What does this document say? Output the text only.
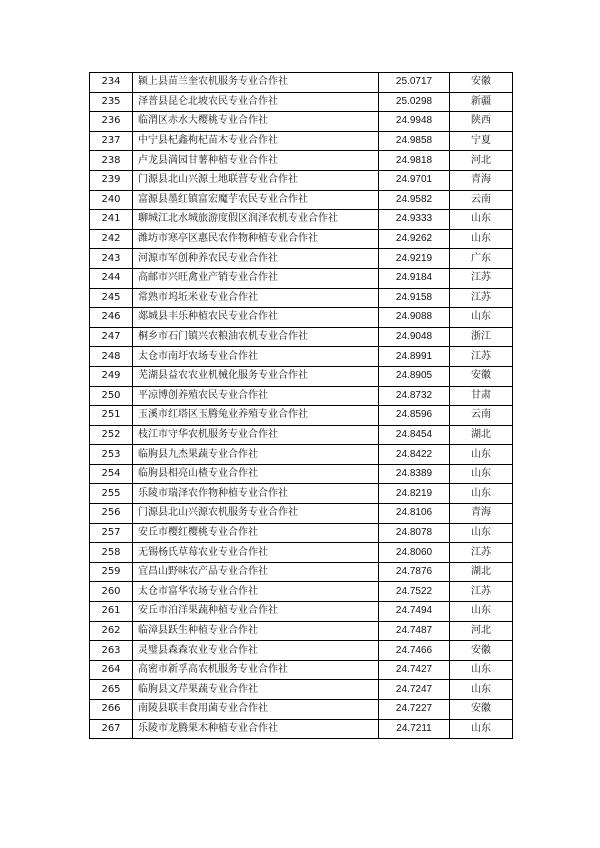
234	颍上县苗兰奎农机服务专业合作社	25.0717	安徽
235	泽普县昆仑北坡农民专业合作社	25.0298	新疆
236	临渭区赤水大樱桃专业合作社	24.9948	陕西
237	中宁县杞鑫枸杞苗木专业合作社	24.9858	宁夏
238	卢龙县満园甘薯种植专业合作社	24.9818	河北
239	门源县北山兴源土地联营专业合作社	24.9701	青海
240	富源县墨红镇富宏魔芋农民专业合作社	24.9582	云南
241	聊城江北水城旅游度假区润泽农机专业合作社	24.9333	山东
242	潍坊市寒亭区惠民农作物种植专业合作社	24.9262	山东
243	河源市军创种养农民专业合作社	24.9219	广东
244	高邮市兴旺禽业产销专业合作社	24.9184	江苏
245	常熟市坞坵米业专业合作社	24.9158	江苏
246	郯城县丰乐种植农民专业合作社	24.9088	山东
247	桐乡市石门镇兴农粮油农机专业合作社	24.9048	浙江
248	太仓市南圩农场专业合作社	24.8991	江苏
249	芜湖县益农农业机械化服务专业合作社	24.8905	安徽
250	平凉博创养殖农民专业合作社	24.8732	甘肃
251	玉溪市红塔区玉腾兔业养殖专业合作社	24.8596	云南
252	枝江市守华农机服务专业合作社	24.8454	湖北
253	临朐县九杰果蔬专业合作社	24.8422	山东
254	临朐县相亮山楂专业合作社	24.8389	山东
255	乐陵市瑞泽农作物种植专业合作社	24.8219	山东
256	门源县北山兴源农机服务专业合作社	24.8106	青海
257	安丘市樱红樱桃专业合作社	24.8078	山东
258	无锡杨氏草莓农业专业合作社	24.8060	江苏
259	宜昌山野味农产品专业合作社	24.7876	湖北
260	太仓市富华农场专业合作社	24.7522	江苏
261	安丘市泊洋果蔬种植专业合作社	24.7494	山东
262	临漳县跃生种植专业合作社	24.7487	河北
263	灵璧县森森农业专业合作社	24.7466	安徽
264	高密市新孚高农机服务专业合作社	24.7427	山东
265	临朐县文芹果蔬专业合作社	24.7247	山东
266	南陵县联丰食用菌专业合作社	24.7227	安徽
267	乐陵市龙腾果木种植专业合作社	24.7211	山东
